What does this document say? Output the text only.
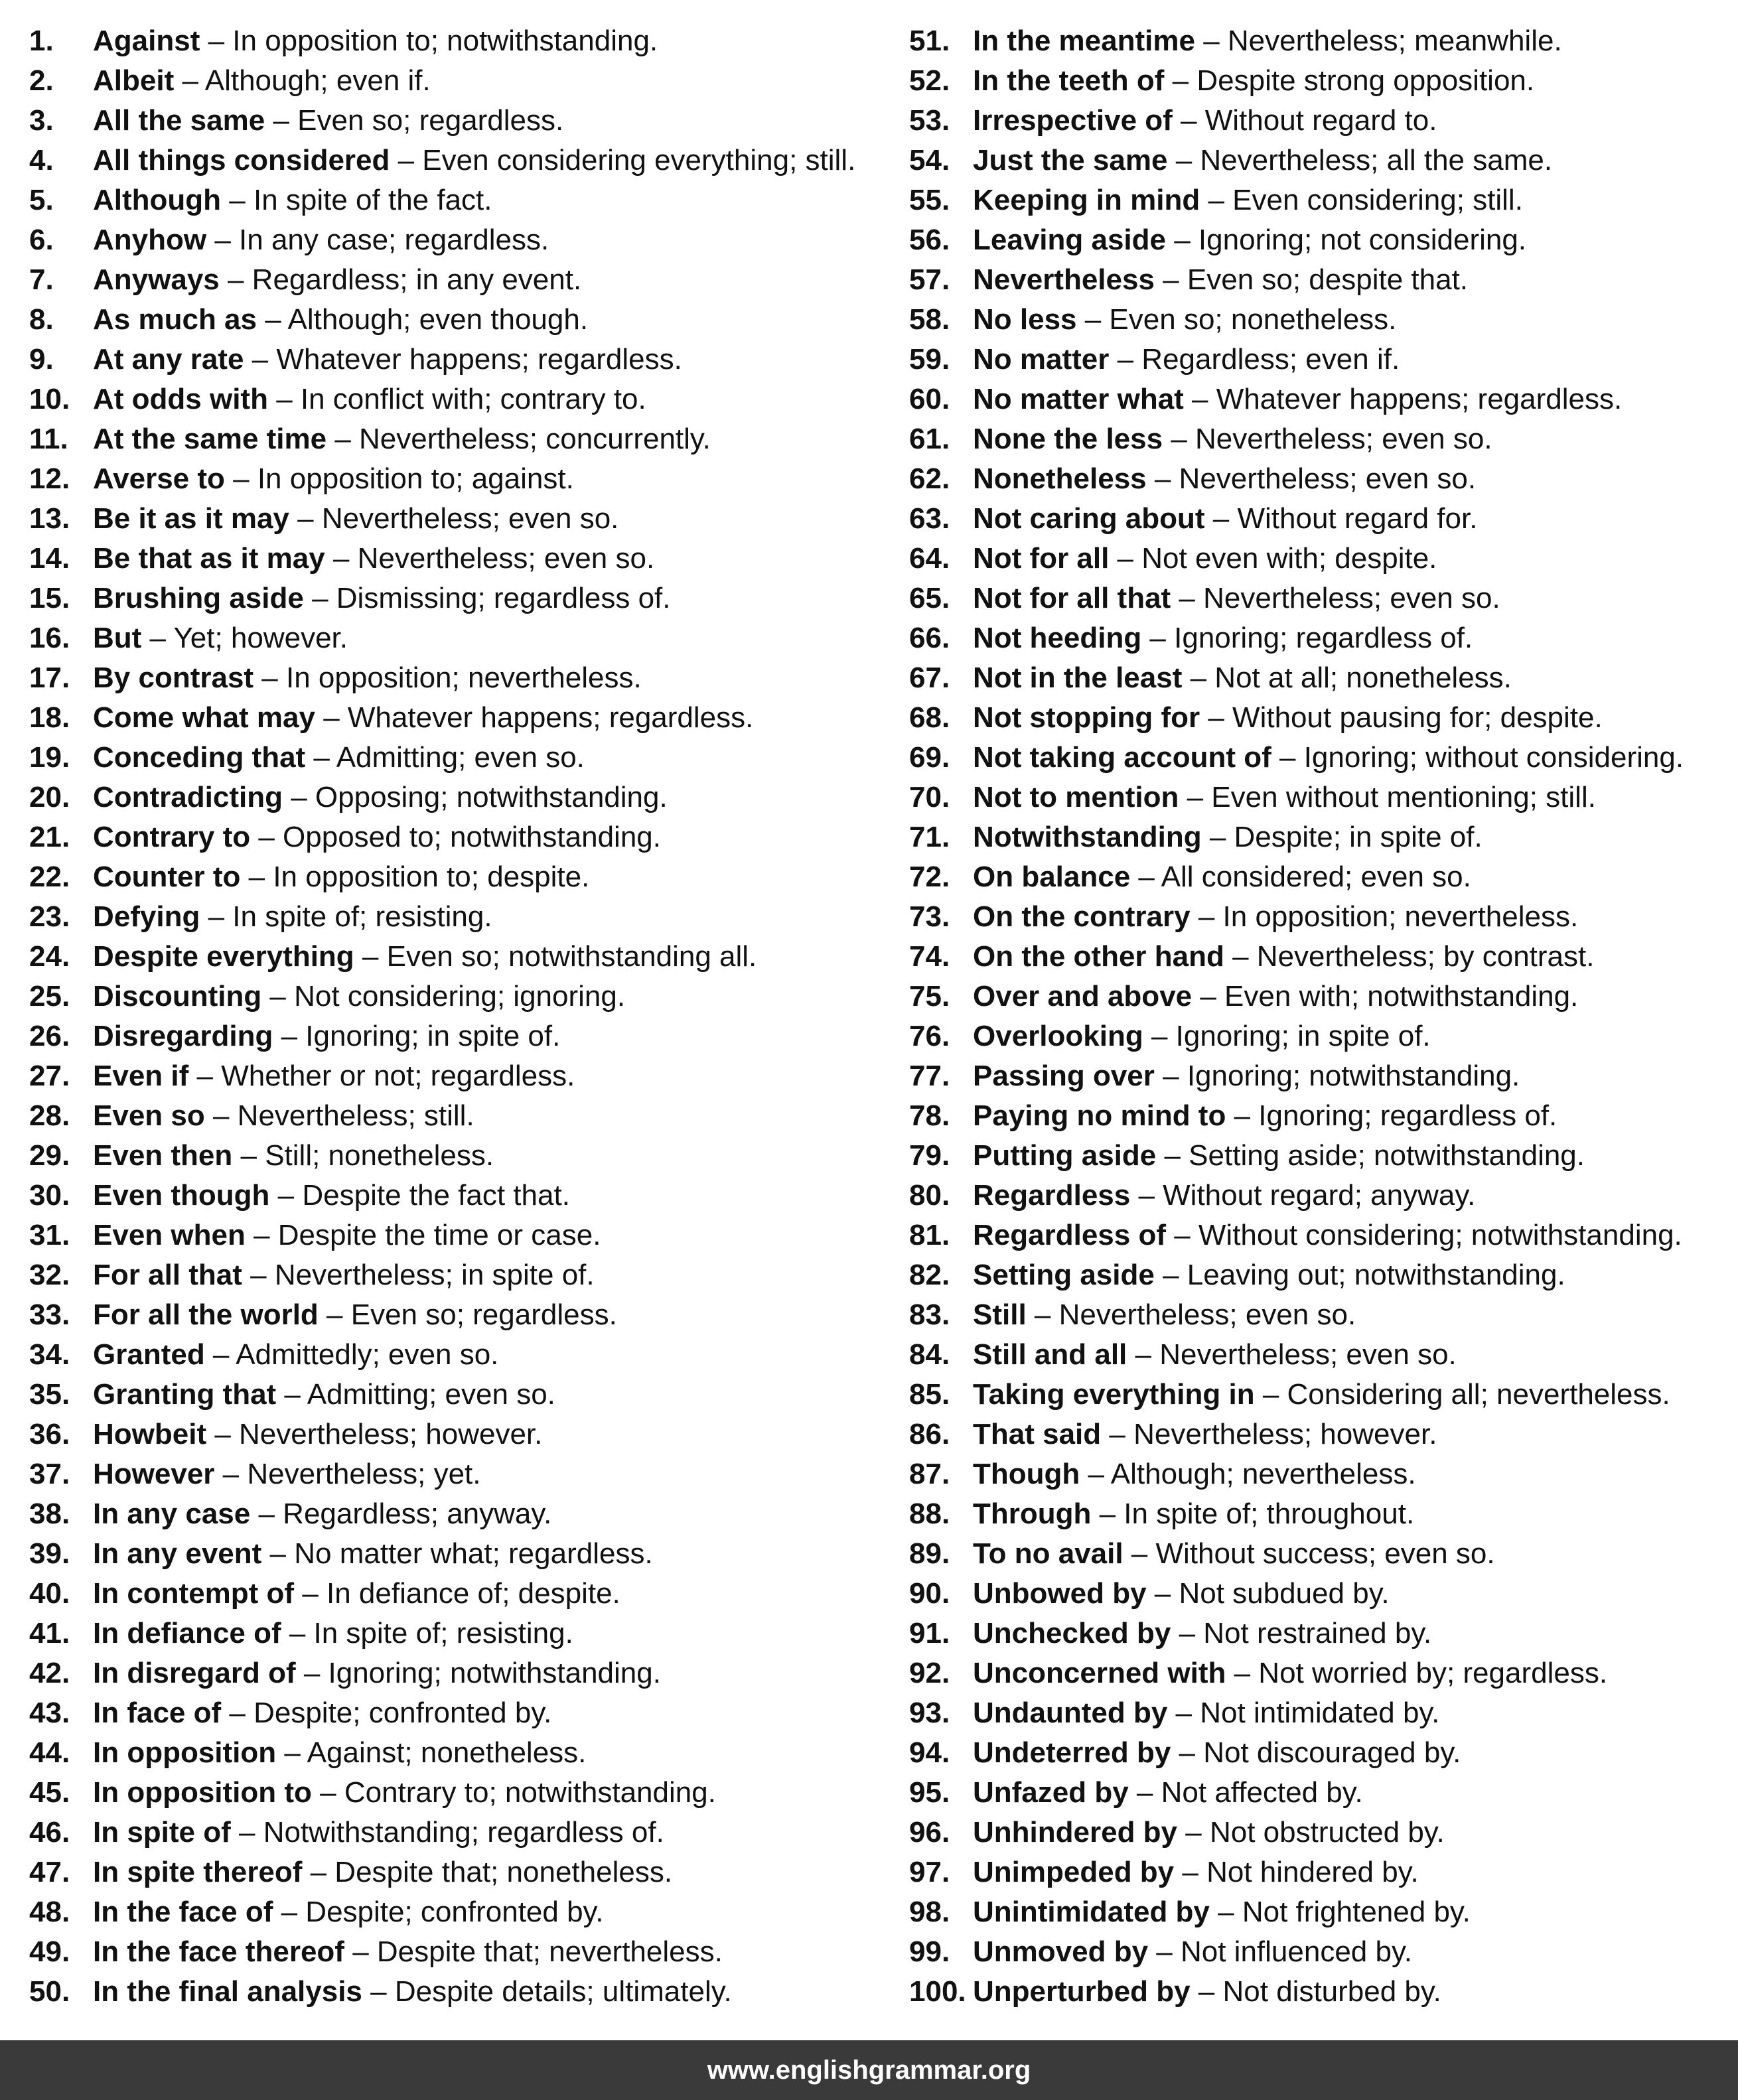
1. Against – In opposition to; notwithstanding.
2. Albeit – Although; even if.
3. All the same – Even so; regardless.
4. All things considered – Even considering everything; still.
5. Although – In spite of the fact.
6. Anyhow – In any case; regardless.
7. Anyways – Regardless; in any event.
8. As much as – Although; even though.
9. At any rate – Whatever happens; regardless.
10. At odds with – In conflict with; contrary to.
11. At the same time – Nevertheless; concurrently.
12. Averse to – In opposition to; against.
13. Be it as it may – Nevertheless; even so.
14. Be that as it may – Nevertheless; even so.
15. Brushing aside – Dismissing; regardless of.
16. But – Yet; however.
17. By contrast – In opposition; nevertheless.
18. Come what may – Whatever happens; regardless.
19. Conceding that – Admitting; even so.
20. Contradicting – Opposing; notwithstanding.
21. Contrary to – Opposed to; notwithstanding.
22. Counter to – In opposition to; despite.
23. Defying – In spite of; resisting.
24. Despite everything – Even so; notwithstanding all.
25. Discounting – Not considering; ignoring.
26. Disregarding – Ignoring; in spite of.
27. Even if – Whether or not; regardless.
28. Even so – Nevertheless; still.
29. Even then – Still; nonetheless.
30. Even though – Despite the fact that.
31. Even when – Despite the time or case.
32. For all that – Nevertheless; in spite of.
33. For all the world – Even so; regardless.
34. Granted – Admittedly; even so.
35. Granting that – Admitting; even so.
36. Howbeit – Nevertheless; however.
37. However – Nevertheless; yet.
38. In any case – Regardless; anyway.
39. In any event – No matter what; regardless.
40. In contempt of – In defiance of; despite.
41. In defiance of – In spite of; resisting.
42. In disregard of – Ignoring; notwithstanding.
43. In face of – Despite; confronted by.
44. In opposition – Against; nonetheless.
45. In opposition to – Contrary to; notwithstanding.
46. In spite of – Notwithstanding; regardless of.
47. In spite thereof – Despite that; nonetheless.
48. In the face of – Despite; confronted by.
49. In the face thereof – Despite that; nevertheless.
50. In the final analysis – Despite details; ultimately.
51. In the meantime – Nevertheless; meanwhile.
52. In the teeth of – Despite strong opposition.
53. Irrespective of – Without regard to.
54. Just the same – Nevertheless; all the same.
55. Keeping in mind – Even considering; still.
56. Leaving aside – Ignoring; not considering.
57. Nevertheless – Even so; despite that.
58. No less – Even so; nonetheless.
59. No matter – Regardless; even if.
60. No matter what – Whatever happens; regardless.
61. None the less – Nevertheless; even so.
62. Nonetheless – Nevertheless; even so.
63. Not caring about – Without regard for.
64. Not for all – Not even with; despite.
65. Not for all that – Nevertheless; even so.
66. Not heeding – Ignoring; regardless of.
67. Not in the least – Not at all; nonetheless.
68. Not stopping for – Without pausing for; despite.
69. Not taking account of – Ignoring; without considering.
70. Not to mention – Even without mentioning; still.
71. Notwithstanding – Despite; in spite of.
72. On balance – All considered; even so.
73. On the contrary – In opposition; nevertheless.
74. On the other hand – Nevertheless; by contrast.
75. Over and above – Even with; notwithstanding.
76. Overlooking – Ignoring; in spite of.
77. Passing over – Ignoring; notwithstanding.
78. Paying no mind to – Ignoring; regardless of.
79. Putting aside – Setting aside; notwithstanding.
80. Regardless – Without regard; anyway.
81. Regardless of – Without considering; notwithstanding.
82. Setting aside – Leaving out; notwithstanding.
83. Still – Nevertheless; even so.
84. Still and all – Nevertheless; even so.
85. Taking everything in – Considering all; nevertheless.
86. That said – Nevertheless; however.
87. Though – Although; nevertheless.
88. Through – In spite of; throughout.
89. To no avail – Without success; even so.
90. Unbowed by – Not subdued by.
91. Unchecked by – Not restrained by.
92. Unconcerned with – Not worried by; regardless.
93. Undaunted by – Not intimidated by.
94. Undeterred by – Not discouraged by.
95. Unfazed by – Not affected by.
96. Unhindered by – Not obstructed by.
97. Unimpeded by – Not hindered by.
98. Unintimidated by – Not frightened by.
99. Unmoved by – Not influenced by.
100. Unperturbed by – Not disturbed by.
www.englishgrammar.org
